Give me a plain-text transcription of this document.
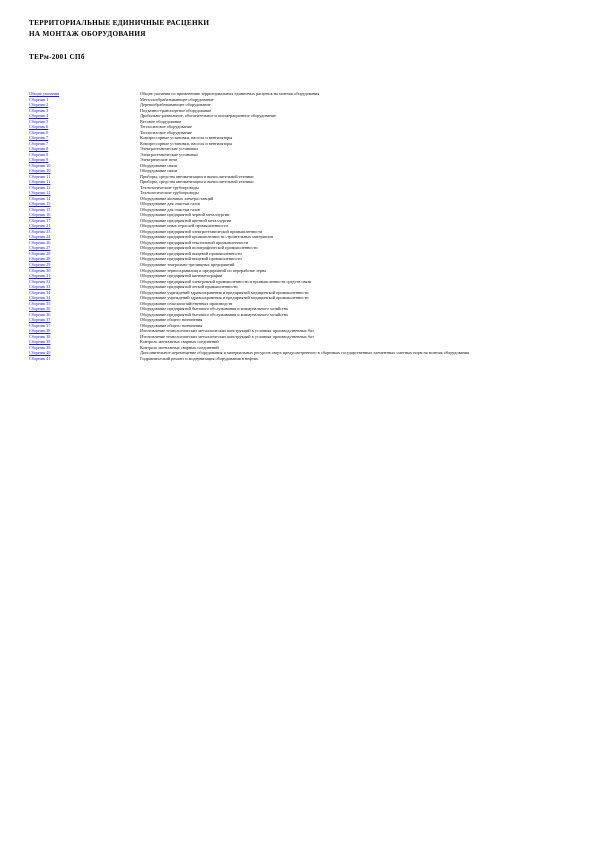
ТЕРРИТОРИАЛЬНЫЕ ЕДИНИЧНЫЕ РАСЦЕНКИ
НА МОНТАЖ ОБОРУДОВАНИЯ
ТЕРм-2001 СПб
Общие указания	Общие указания по применению территориальных единичных расценок на монтаж оборудования
Сборник 1	Металлообрабатывающее оборудование
Сборник 2	Деревообрабатывающее оборудование
Сборник 3	Подъемно-транспортное оборудование
Сборник 4	Дробильно-размольное, обогатительное и агломерационное оборудование
Сборник 5	Весовое оборудование
Сборник 6	Теплосиловое оборудование
Сборник 6	Теплосиловое оборудование
Сборник 7	Компрессорные установки, насосы и вентиляторы
Сборник 7	Компрессорные установки, насосы и вентиляторы
Сборник 8	Электротехнические установки
Сборник 8	Электротехнические установки
Сборник 9	Электрические печи
Сборник 10	Оборудование связи
Сборник 10	Оборудование связи
Сборник 11	Приборы, средства автоматизации и вычислительной техники
Сборник 11	Приборы, средства автоматизации и вычислительной техники
Сборник 12	Технологические трубопроводы
Сборник 12	Технологические трубопроводы
Сборник 14	Оборудование atomных электростанций
Сборник 15	Оборудование для очистки газов
Сборник 15	Оборудование для очистки газов
Сборник 16	Оборудование предприятий черной металлургии
Сборник 17	Оборудование предприятий цветной металлургии
Сборник 21	Оборудование иных отраслей промышленности
Сборник 23	Оборудование предприятий электротехнической промышленности
Сборник 24	Оборудование предприятий промышленности строительных материалов
Сборник 26	Оборудование предприятий текстильной промышленности
Сборник 27	Оборудование предприятий полиграфической промышленности
Сборник 28	Оборудование предприятий пищевой промышленности
Сборник 28	Оборудование предприятий пищевой промышленности
Сборник 29	Оборудование театрально-зрелищных предприятий
Сборник 30	Оборудование зерноохранилищ и предприятий по переработке зерна
Сборник 31	Оборудование предприятий кинематографии
Сборник 32	Оборудование предприятий электронной промышленности и промышленности средств связи
Сборник 33	Оборудование предприятий легкой промышленности
Сборник 34	Оборудование учреждений здравоохранения и предприятий медицинской промышленности
Сборник 34	Оборудование учреждений здравоохранения и предприятий медицинской промышленности
Сборник 35	Оборудование сельскохозяйственных производств
Сборник 36	Оборудование предприятий бытового обслуживания и коммунального хозяйства
Сборник 36	Оборудование предприятий бытового обслуживания и коммунального хозяйства
Сборник 37	Оборудование общего назначения
Сборник 37	Оборудование общего назначения
Сборник 38	Изготовление технологических металлических конструкций в условиях производственных баз
Сборник 38	Изготовление технологических металлических конструкций в условиях производственных баз
Сборник 39	Контроль монтажных сварных соединений
Сборник 39	Контроль монтажных сварных соединений
Сборник 40	Дополнительное перемещение оборудования и материальных ресурсов сверх предусмотренного в сборниках государственных элементных сметных норм на монтаж оборудования
Сборник 41	Гидравлический ремонт и модернизация оборудования в нефтях
